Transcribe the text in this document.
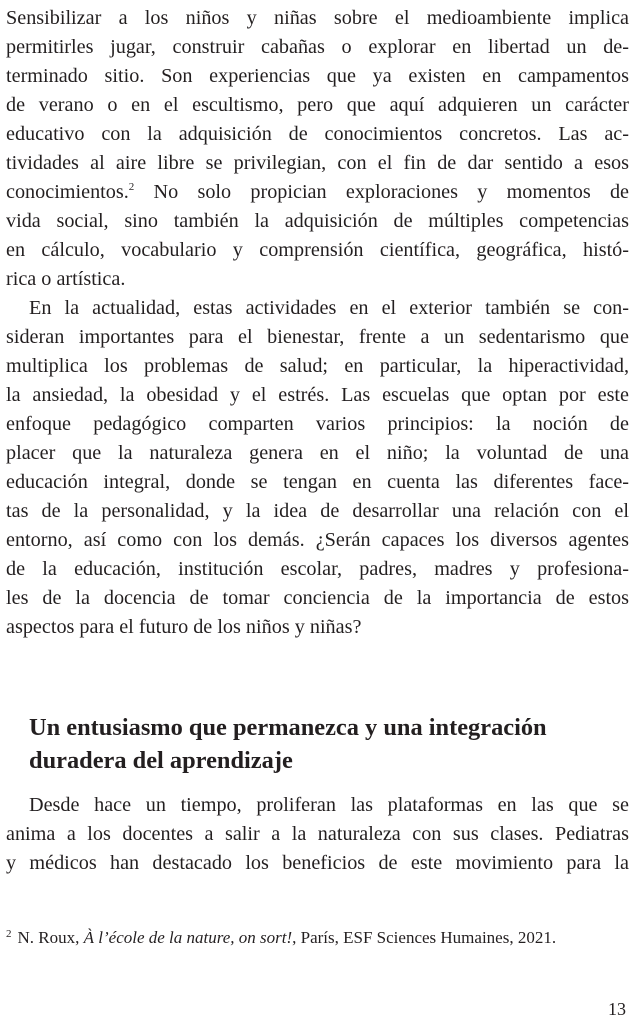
Sensibilizar a los niños y niñas sobre el medioambiente implica
permitirles jugar, construir cabañas o explorar en libertad un de-
terminado sitio. Son experiencias que ya existen en campamentos
de verano o en el escultismo, pero que aquí adquieren un carácter
educativo con la adquisición de conocimientos concretos. Las ac-
tividades al aire libre se privilegian, con el fin de dar sentido a esos
conocimientos.$^2$ No solo propician exploraciones y momentos de
vida social, sino también la adquisición de múltiples competencias
en cálculo, vocabulario y comprensión científica, geográfica, histó-
rica o artística.
En la actualidad, estas actividades en el exterior también se con-
sideran importantes para el bienestar, frente a un sedentarismo que
multiplica los problemas de salud; en particular, la hiperactividad,
la ansiedad, la obesidad y el estrés. Las escuelas que optan por este
enfoque pedagógico comparten varios principios: la noción de
placer que la naturaleza genera en el niño; la voluntad de una
educación integral, donde se tengan en cuenta las diferentes face-
tas de la personalidad, y la idea de desarrollar una relación con el
entorno, así como con los demás. ¿Serán capaces los diversos agentes
de la educación, institución escolar, padres, madres y profesiona-
les de la docencia de tomar conciencia de la importancia de estos
aspectos para el futuro de los niños y niñas?
Un entusiasmo que permanezca y una integración
duradera del aprendizaje
Desde hace un tiempo, proliferan las plataformas en las que se
anima a los docentes a salir a la naturaleza con sus clases. Pediatras
y médicos han destacado los beneficios de este movimiento para la
$^2$ N. Roux, À l’école de la nature, on sort!, París, ESF Sciences Humaines, 2021.
13
